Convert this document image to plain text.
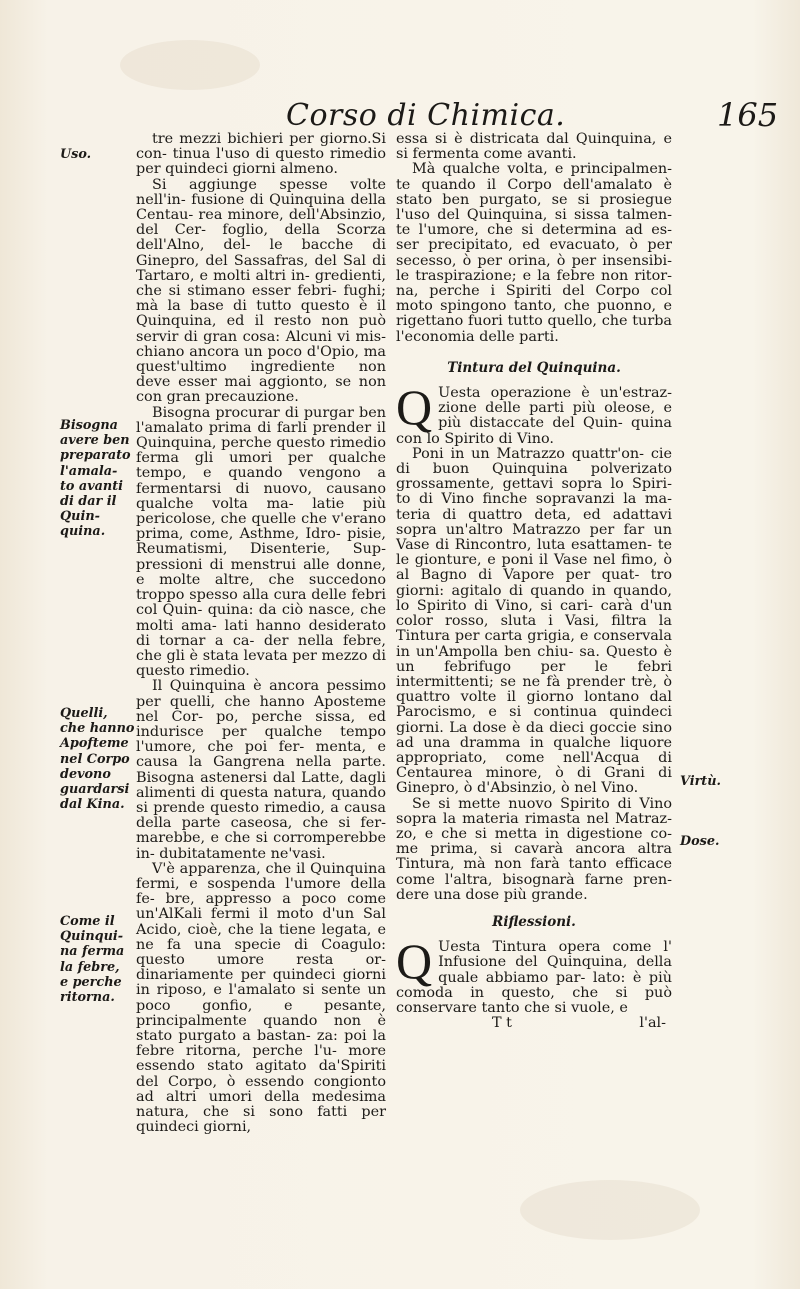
Corso di Chimica.	165
Uso.
Bisogna
avere ben
preparato
l'amala-
to avanti
di dar il
Quin-
quina.
Quelli,
che hanno
Apofteme
nel Corpo
devono
guardarsi
dal Kina.
Come il
Quinqui-
na ferma
la febre,
e perche
ritorna.
Virtù.
Dose.

tre mezzi bichieri per giorno.Si con- tinua l'uso di questo rimedio per quindeci giorni almeno.

Si aggiunge spesse volte nell'in- fusione di Quinquina della Centau- rea minore, dell'Absinzio, del Cer- foglio, della Scorza dell'Alno, del- le bacche di Ginepro, del Sassafras, del Sal di Tartaro, e molti altri in- gredienti, che si stimano esser febri- fughi; mà la base di tutto questo è il Quinquina, ed il resto non può servir di gran cosa: Alcuni vi mis- chiano ancora un poco d'Opio, ma quest'ultimo ingrediente non deve esser mai aggionto, se non con gran precauzione.

Bisogna procurar di purgar ben l'amalato prima di farli prender il Quinquina, perche questo rimedio ferma gli umori per qualche tempo, e quando vengono a fermentarsi di nuovo, causano qualche volta ma- latie più pericolose, che quelle che v'erano prima, come, Asthme, Idro- pisie, Reumatismi, Disenterie, Sup- pressioni di menstrui alle donne, e molte altre, che succedono troppo spesso alla cura delle febri col Quin- quina: da ciò nasce, che molti ama- lati hanno desiderato di tornar a ca- der nella febre, che gli è stata levata per mezzo di questo rimedio.

Il Quinquina è ancora pessimo per quelli, che hanno Aposteme nel Cor- po, perche sissa, ed indurisce per qualche tempo l'umore, che poi fer- menta, e causa la Gangrena nella parte. Bisogna astenersi dal Latte, dagli alimenti di questa natura, quando si prende questo rimedio, a causa della parte caseosa, che si fer- marebbe, e che si corromperebbe in- dubitatamente ne'vasi.

V'è apparenza, che il Quinquina fermi, e sospenda l'umore della fe- bre, appresso a poco come un'AlKali fermi il moto d'un Sal Acido, cioè, che la tiene legata, e ne fa una specie di Coagulo: questo umore resta or- dinariamente per quindeci giorni in riposo, e l'amalato si sente un poco gonfio, e pesante, principalmente quando non è stato purgato a bastan- za: poi la febre ritorna, perche l'u- more essendo stato agitato da'Spiriti del Corpo, ò essendo congionto ad altri umori della medesima natura, che si sono fatti per quindeci giorni,

essa si è districata dal Quinquina, e si fermenta come avanti.

Mà qualche volta, e principalmen- te quando il Corpo dell'amalato è stato ben purgato, se si prosiegue l'uso del Quinquina, si sissa talmen- te l'umore, che si determina ad es- ser precipitato, ed evacuato, ò per secesso, ò per orina, ò per insensibi- le traspirazione; e la febre non ritor- na, perche i Spiriti del Corpo col moto spingono tanto, che puonno, e rigettano fuori tutto quello, che turba l'economia delle parti.

Tintura del Quinquina.
Q Uesta operazione è un'estraz- zione delle parti più oleose, e più distaccate del Quin- quina con lo Spirito di Vino.

Poni in un Matrazzo quattr'on- cie di buon Quinquina polverizato grossamente, gettavi sopra lo Spiri- to di Vino finche sopravanzi la ma- teria di quattro deta, ed adattavi sopra un'altro Matrazzo per far un Vase di Rincontro, luta esattamen- te le gionture, e poni il Vase nel fimo, ò al Bagno di Vapore per quat- tro giorni: agitalo di quando in quando, lo Spirito di Vino, si cari- carà d'un color rosso, sluta i Vasi, filtra la Tintura per carta grigia, e conservala in un'Ampolla ben chiu- sa. Questo è un febrifugo per le febri intermittenti; se ne fà prender trè, ò quattro volte il giorno lontano dal Parocismo, e si continua quindeci giorni. La dose è da dieci goccie sino ad una dramma in qualche liquore appropriato, come nell'Acqua di Centaurea minore, ò di Grani di Ginepro, ò d'Absinzio, ò nel Vino.

Se si mette nuovo Spirito di Vino sopra la materia rimasta nel Matraz- zo, e che si metta in digestione co- me prima, si cavarà ancora altra Tintura, mà non farà tanto efficace come l'altra, bisognarà farne pren- dere una dose più grande.

Riflessioni.
Q Uesta Tintura opera come l' Infusione del Quinquina, della quale abbiamo par- lato: è più comoda in questo, che si può conservare tanto che si vuole, e

T t	l'al-
